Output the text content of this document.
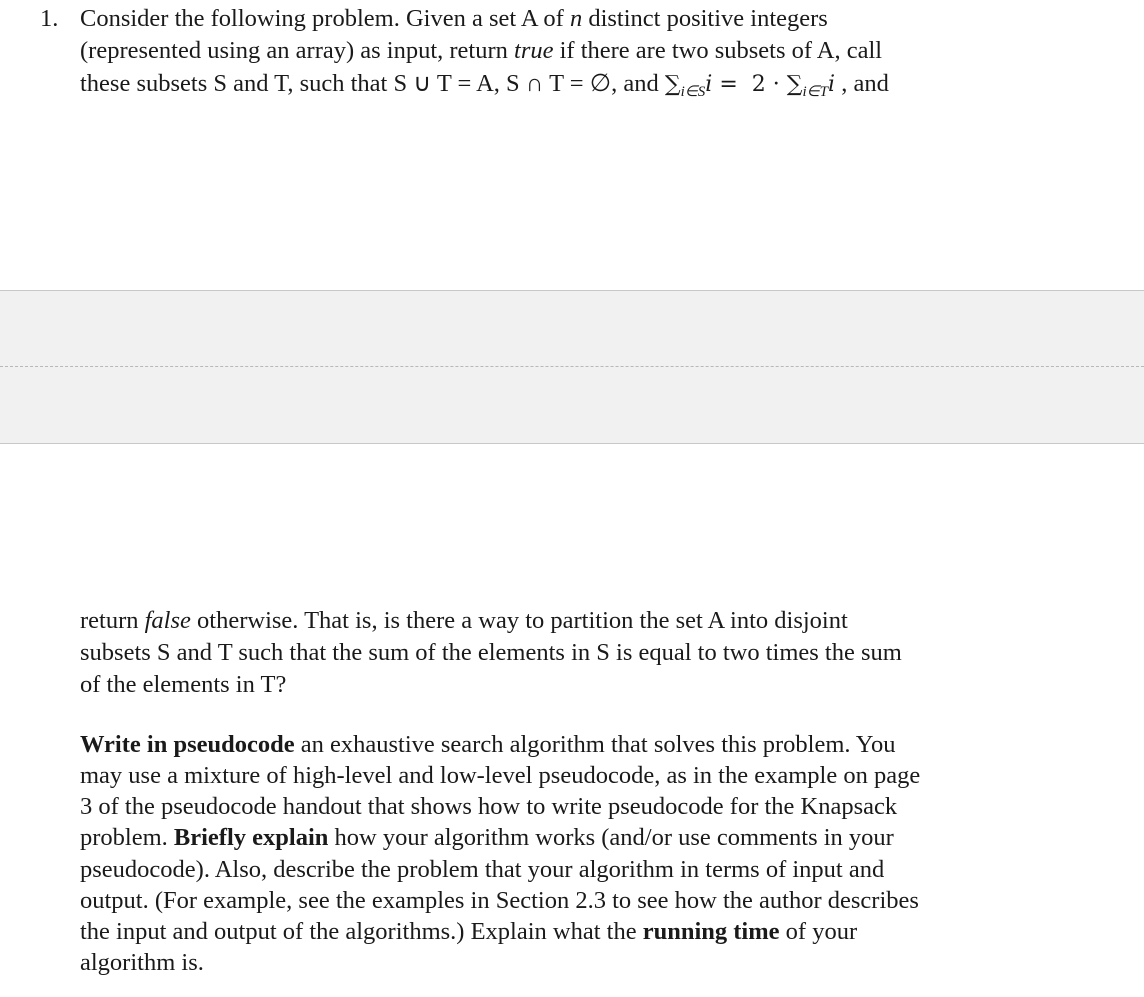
1. Consider the following problem. Given a set A of n distinct positive integers
(represented using an array) as input, return true if there are two subsets of A, call
these subsets S and T, such that S ∪ T = A, S ∩ T = ∅, and $\sum_{i\in S}i = 2 \cdot \sum_{i\in T}i$ , and
return false otherwise. That is, is there a way to partition the set A into disjoint
subsets S and T such that the sum of the elements in S is equal to two times the sum
of the elements in T?
Write in pseudocode an exhaustive search algorithm that solves this problem. You
may use a mixture of high-level and low-level pseudocode, as in the example on page
3 of the pseudocode handout that shows how to write pseudocode for the Knapsack
problem. Briefly explain how your algorithm works (and/or use comments in your
pseudocode). Also, describe the problem that your algorithm in terms of input and
output. (For example, see the examples in Section 2.3 to see how the author describes
the input and output of the algorithms.) Explain what the running time of your
algorithm is.
